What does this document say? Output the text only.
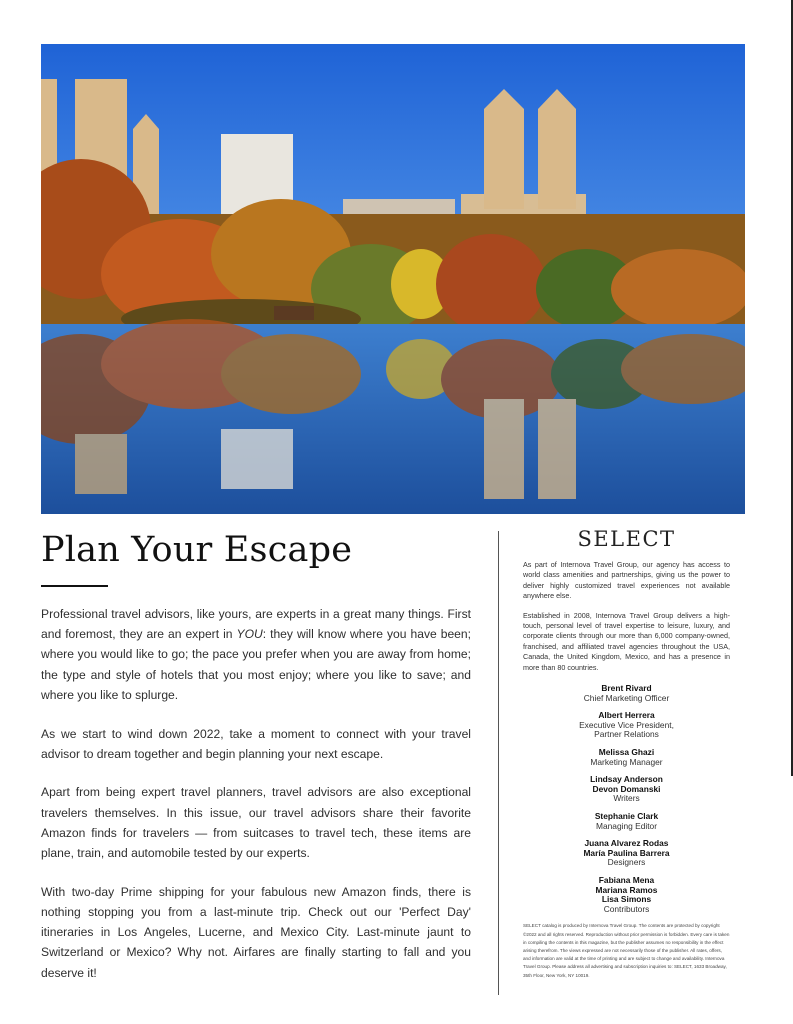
Plan Your Escape

Professional travel advisors, like yours, are experts in a great many things. First and foremost, they are an expert in YOU: they will know where you have been; where you would like to go; the pace you prefer when you are away from home; the type and style of hotels that you most enjoy; where you like to save; and where you like to splurge.

As we start to wind down 2022, take a moment to connect with your travel advisor to dream together and begin planning your next escape.

Apart from being expert travel planners, travel advisors are also exceptional travelers themselves. In this issue, our travel advisors share their favorite Amazon finds for travelers — from suitcases to travel tech, these items are plane, train, and automobile tested by our experts.

With two-day Prime shipping for your fabulous new Amazon finds, there is nothing stopping you from a last-minute trip. Check out our 'Perfect Day' itineraries in Los Angeles, Lucerne, and Mexico City. Last-minute jaunt to Switzerland or Mexico? Why not. Airfares are finally starting to fall and you deserve it!

SELECT

As part of Internova Travel Group, our agency has access to world class amenities and partnerships, giving us the power to deliver highly customized travel experiences not available anywhere else.

Established in 2008, Internova Travel Group delivers a high-touch, personal level of travel expertise to leisure, luxury, and corporate clients through our more than 6,000 company-owned, franchised, and affiliated travel agencies throughout the USA, Canada, the United Kingdom, Mexico, and has a presence in more than 80 countries.

Brent Rivard
Chief Marketing Officer
Albert Herrera
Executive Vice President,
Partner Relations
Melissa Ghazi
Marketing Manager
Lindsay Anderson
Devon Domanski
Writers
Stephanie Clark
Managing Editor
Juana Alvarez Rodas
María Paulina Barrera
Designers
Fabiana Mena
Mariana Ramos
Lisa Simons
Contributors

SELECT catalog is produced by Internova Travel Group. The contents are protected by copyright ©2022 and all rights reserved. Reproduction without prior permission is forbidden. Every care is taken in compiling the contents in this magazine, but the publisher assumes no responsibility in the effect arising therefrom. The views expressed are not necessarily those of the publisher. All rates, offers, and information are valid at the time of printing and are subject to change and availability. Internova Travel Group. Please address all advertising and subscription inquiries to: SELECT, 1633 Broadway, 35th Floor, New York, NY 10019.
